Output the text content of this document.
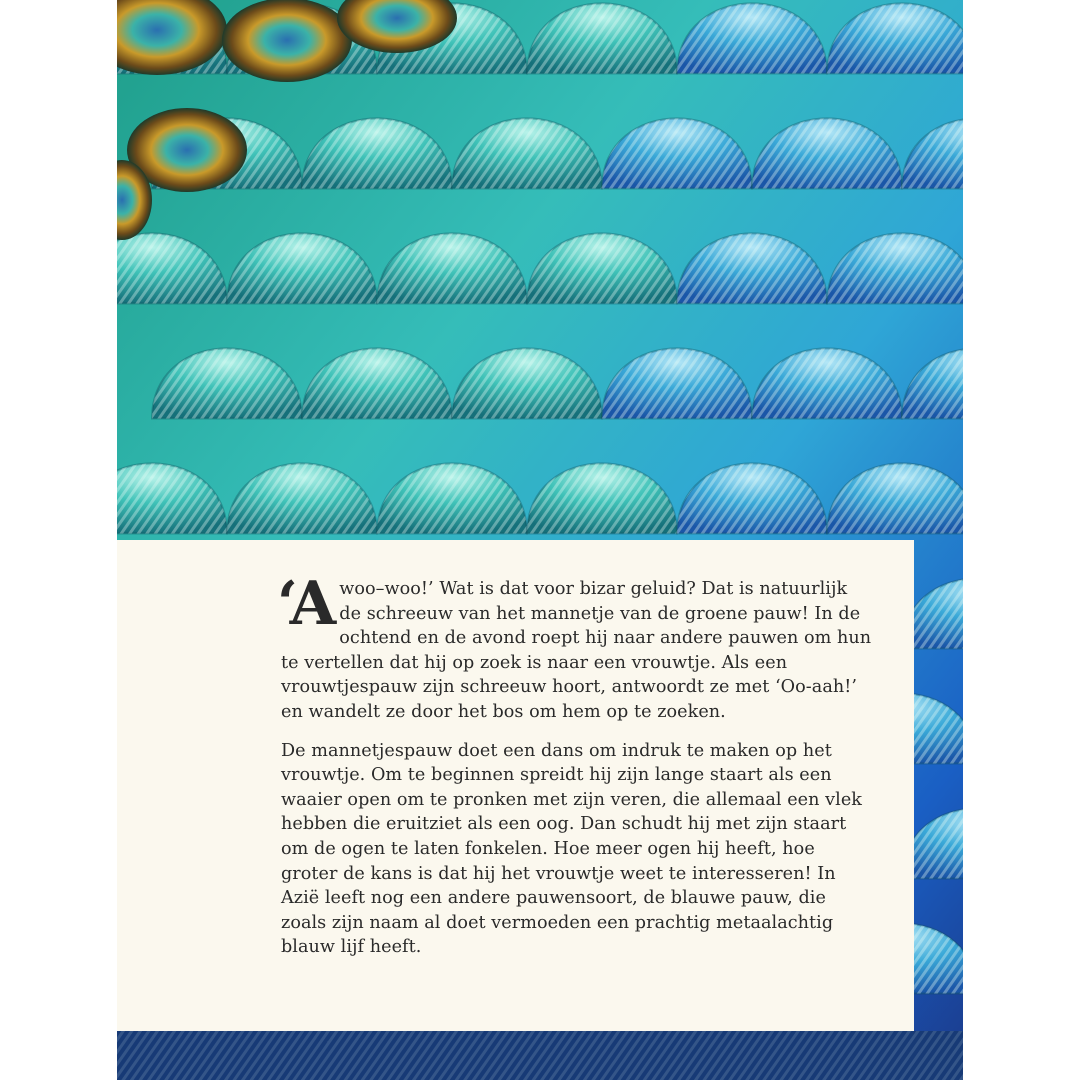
‘Awoo–woo!’ Wat is dat voor bizar geluid? Dat is natuurlijk de schreeuw van het mannetje van de groene pauw! In de ochtend en de avond roept hij naar andere pauwen om hun te vertellen dat hij op zoek is naar een vrouwtje. Als een vrouwtjespauw zijn schreeuw hoort, antwoordt ze met ‘Oo-aah!’ en wandelt ze door het bos om hem op te zoeken.

De mannetjespauw doet een dans om indruk te maken op het vrouwtje. Om te beginnen spreidt hij zijn lange staart als een waaier open om te pronken met zijn veren, die allemaal een vlek hebben die eruitziet als een oog. Dan schudt hij met zijn staart om de ogen te laten fonkelen. Hoe meer ogen hij heeft, hoe groter de kans is dat hij het vrouwtje weet te interesseren! In Azië leeft nog een andere pauwensoort, de blauwe pauw, die zoals zijn naam al doet vermoeden een prachtig metaalachtig blauw lijf heeft.
